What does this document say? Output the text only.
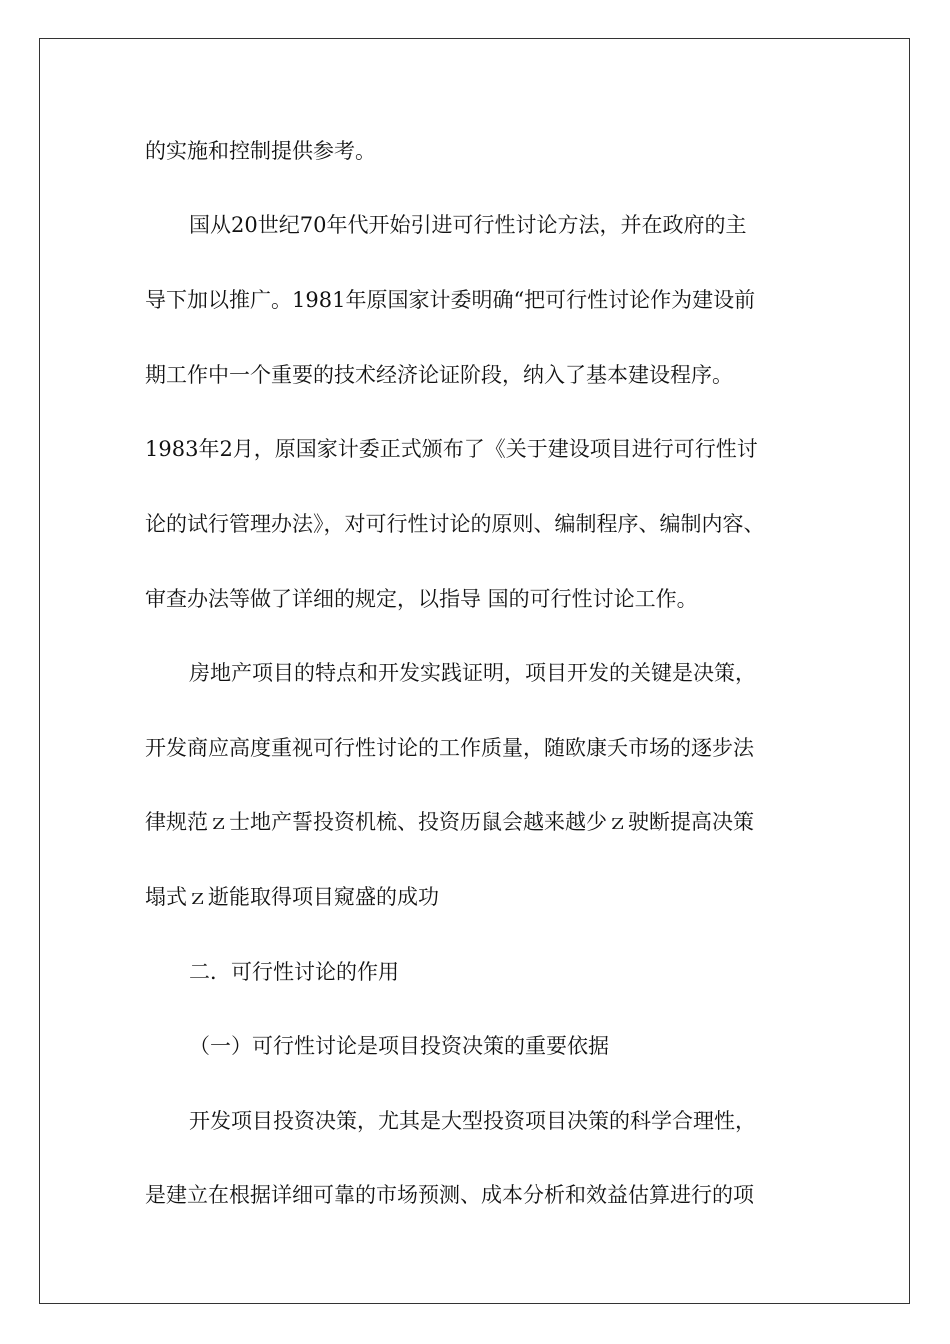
的实施和控制提供参考。
国从20世纪70年代开始引进可行性讨论方法，并在政府的主
导下加以推广。1981年原国家计委明确“把可行性讨论作为建设前
期工作中一个重要的技术经济论证阶段，纳入了基本建设程序。
1983年2月，原国家计委正式颁布了《关于建设项目进行可行性讨
论的试行管理办法》，对可行性讨论的原则、编制程序、编制内容、
审查办法等做了详细的规定，以指导 国的可行性讨论工作。
房地产项目的特点和开发实践证明，项目开发的关键是决策，
开发商应高度重视可行性讨论的工作质量，随欧康夭市场的逐步法
律规范ｚ士地产誓投资机梳、投资历鼠会越来越少ｚ驶断提高决策
塌式ｚ逝能取得项目窥盛的成功
二．可行性讨论的作用
（一）可行性讨论是项目投资决策的重要依据
开发项目投资决策，尤其是大型投资项目决策的科学合理性，
是建立在根据详细可靠的市场预测、成本分析和效益估算进行的项
